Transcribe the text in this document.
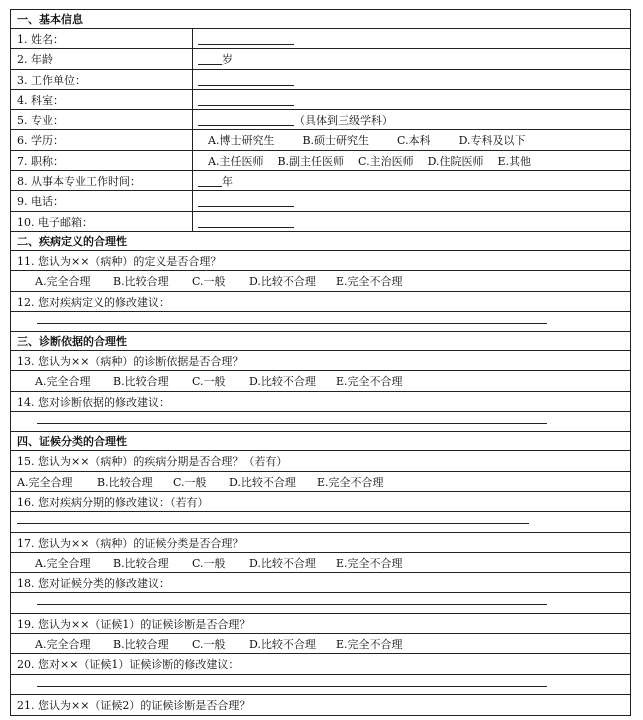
一、基本信息
1. 姓名：
2. 年龄	岁
3. 工作单位：
4. 科室：
5. 专业：	（具体到三级学科）
6. 学历：	A.博士研究生	B.硕士研究生	C.本科	D.专科及以下
7. 职称：	A.主任医师 B.副主任医师 C.主治医师 D.住院医师 E.其他
8. 从事本专业工作时间：	年
9. 电话：
10. 电子邮箱：
二、疾病定义的合理性
11. 您认为××（病种）的定义是否合理？
A.完全合理 B.比较合理 C.一般 D.比较不合理 E.完全不合理
12. 您对疾病定义的修改建议：
三、诊断依据的合理性
13. 您认为××（病种）的诊断依据是否合理？
A.完全合理 B.比较合理 C.一般 D.比较不合理 E.完全不合理
14. 您对诊断依据的修改建议：
四、证候分类的合理性
15. 您认为××（病种）的疾病分期是否合理？（若有）
A.完全合理 B.比较合理 C.一般 D.比较不合理 E.完全不合理
16. 您对疾病分期的修改建议：（若有）
17. 您认为××（病种）的证候分类是否合理？
A.完全合理 B.比较合理 C.一般 D.比较不合理 E.完全不合理
18. 您对证候分类的修改建议：
19. 您认为××（证候1）的证候诊断是否合理？
A.完全合理 B.比较合理 C.一般 D.比较不合理 E.完全不合理
20. 您对××（证候1）证候诊断的修改建议：
21. 您认为××（证候2）的证候诊断是否合理？
